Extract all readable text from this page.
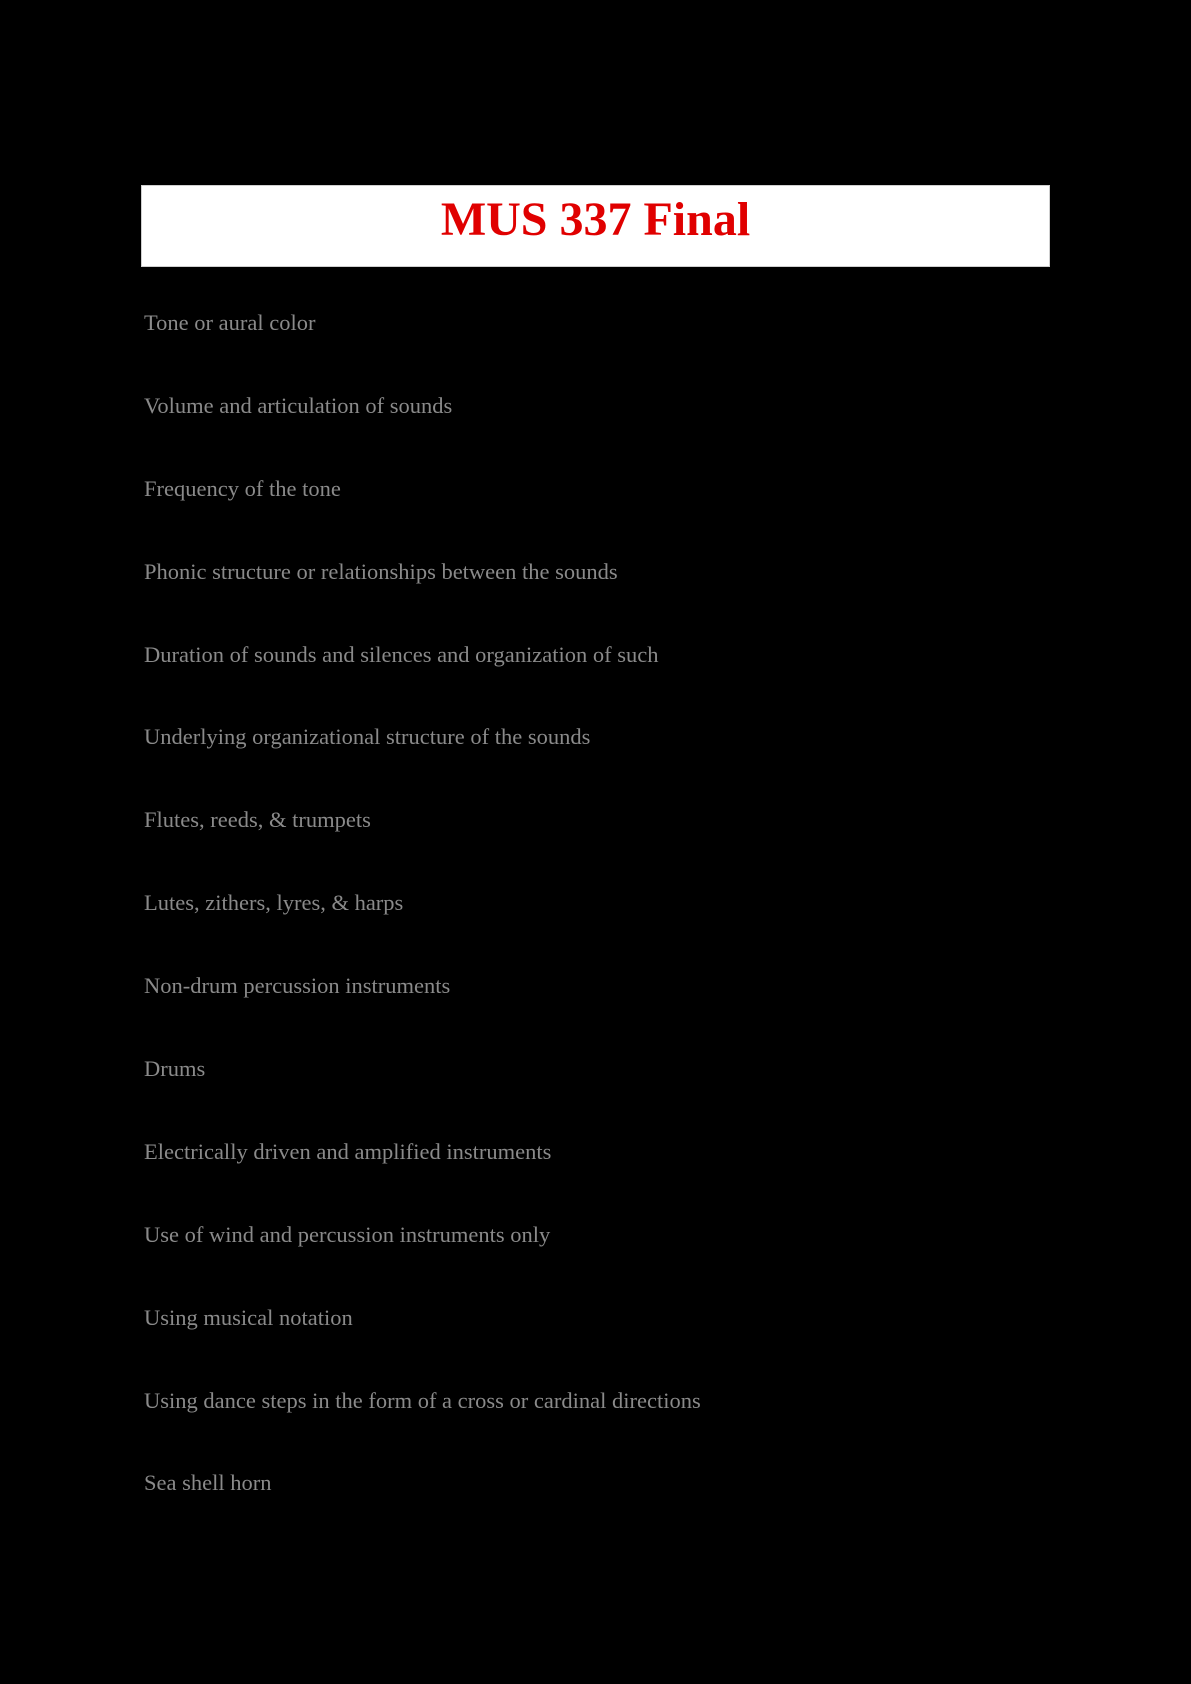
MUS 337 Final
Tone or aural color
Volume and articulation of sounds
Frequency of the tone
Phonic structure or relationships between the sounds
Duration of sounds and silences and organization of such
Underlying organizational structure of the sounds
Flutes, reeds, & trumpets
Lutes, zithers, lyres, & harps
Non-drum percussion instruments
Drums
Electrically driven and amplified instruments
Use of wind and percussion instruments only
Using musical notation
Using dance steps in the form of a cross or cardinal directions
Sea shell horn
